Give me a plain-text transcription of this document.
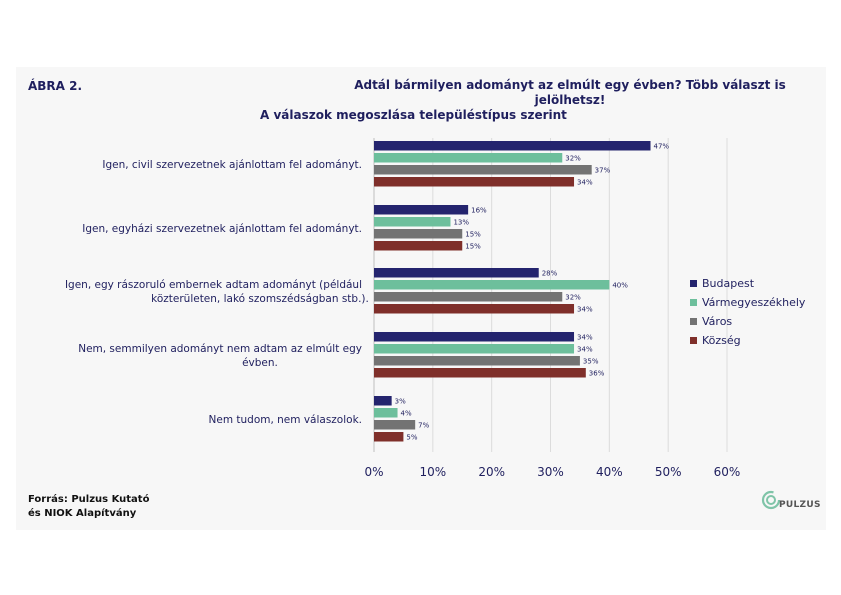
ÁBRA 2.	Adtál bármilyen adományt az elmúlt egy évben? Több választ is jelölhetsz!
A válaszok megoszlása településtípus szerint
0%	10%	20%	30%	40%	50%	60%
47%
32%
37%
34%
Igen, civil szervezetnek ajánlottam fel adományt.
16%
13%
15%
15%
Igen, egyházi szervezetnek ajánlottam fel adományt.
28%
40%
32%
34%
Igen, egy rászoruló embernek adtam adományt (például
közterületen, lakó szomszédságban stb.).
34%
34%
35%
36%
Nem, semmilyen adományt nem adtam az elmúlt egy
évben.
3%
4%
7%
5%
Nem tudom, nem válaszolok.
Budapest
Vármegyeszékhely
Város
Község
Forrás: Pulzus Kutató
és NIOK Alapítvány
PULZUS
